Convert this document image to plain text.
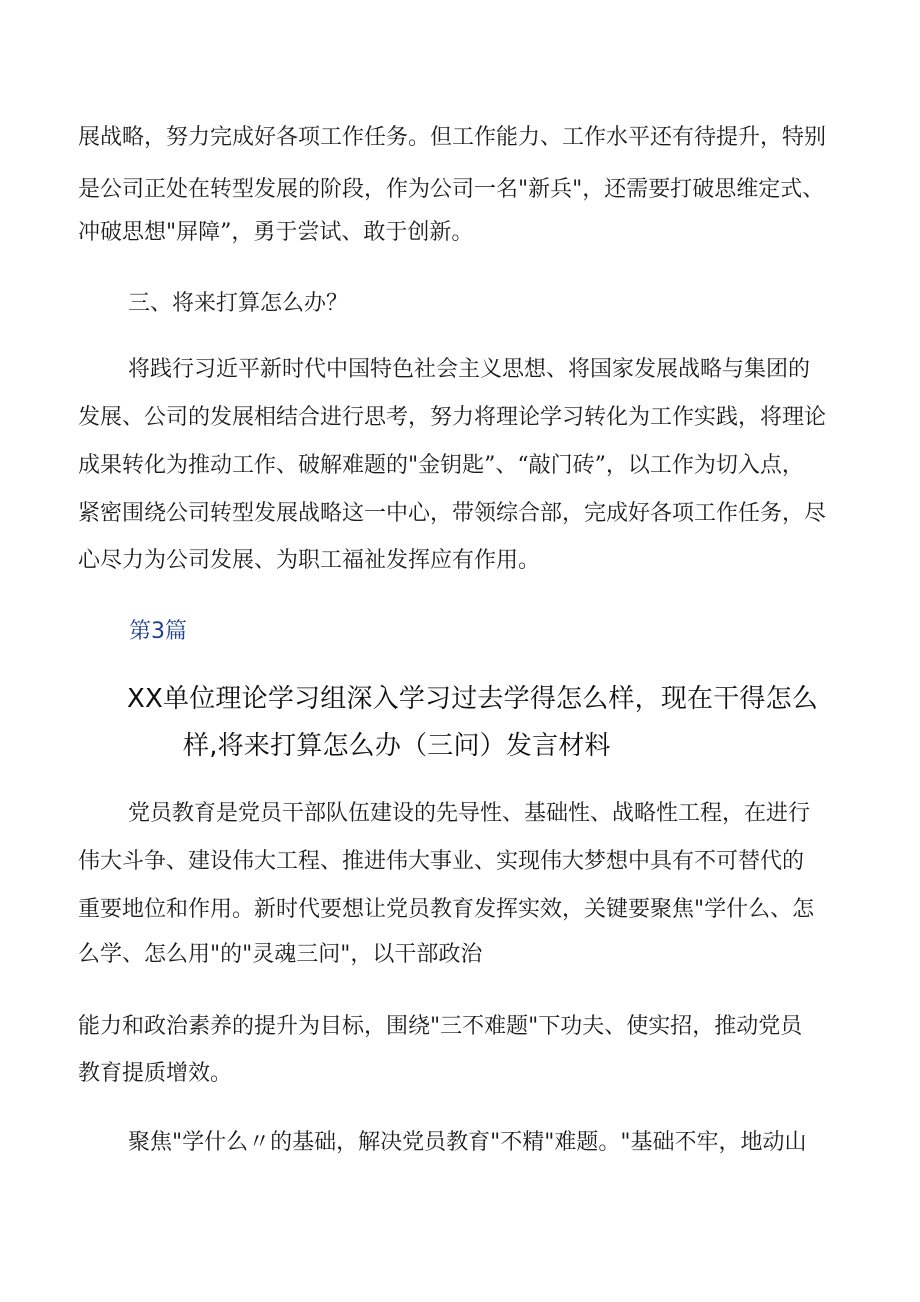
展战略，努力完成好各项工作任务。但工作能力、工作水平还有待提升，特别
是公司正处在转型发展的阶段，作为公司一名"新兵"，还需要打破思维定式、
冲破思想"屏障”，勇于尝试、敢于创新。
三、将来打算怎么办？
将践行习近平新时代中国特色社会主义思想、将国家发展战略与集团的
发展、公司的发展相结合进行思考，努力将理论学习转化为工作实践，将理论
成果转化为推动工作、破解难题的"金钥匙”、“敲门砖”，以工作为切入点，
紧密围绕公司转型发展战略这一中心，带领综合部，完成好各项工作任务，尽
心尽力为公司发展、为职工福祉发挥应有作用。
第3篇
XX单位理论学习组深入学习过去学得怎么样，现在干得怎么
样,将来打算怎么办（三问）发言材料
党员教育是党员干部队伍建设的先导性、基础性、战略性工程，在进行
伟大斗争、建设伟大工程、推进伟大事业、实现伟大梦想中具有不可替代的
重要地位和作用。新时代要想让党员教育发挥实效，关键要聚焦"学什么、怎
么学、怎么用"的"灵魂三问"，以干部政治
能力和政治素养的提升为目标，围绕"三不难题"下功夫、使实招，推动党员
教育提质增效。
聚焦"学什么〃的基础，解决党员教育"不精"难题。"基础不牢，地动山
